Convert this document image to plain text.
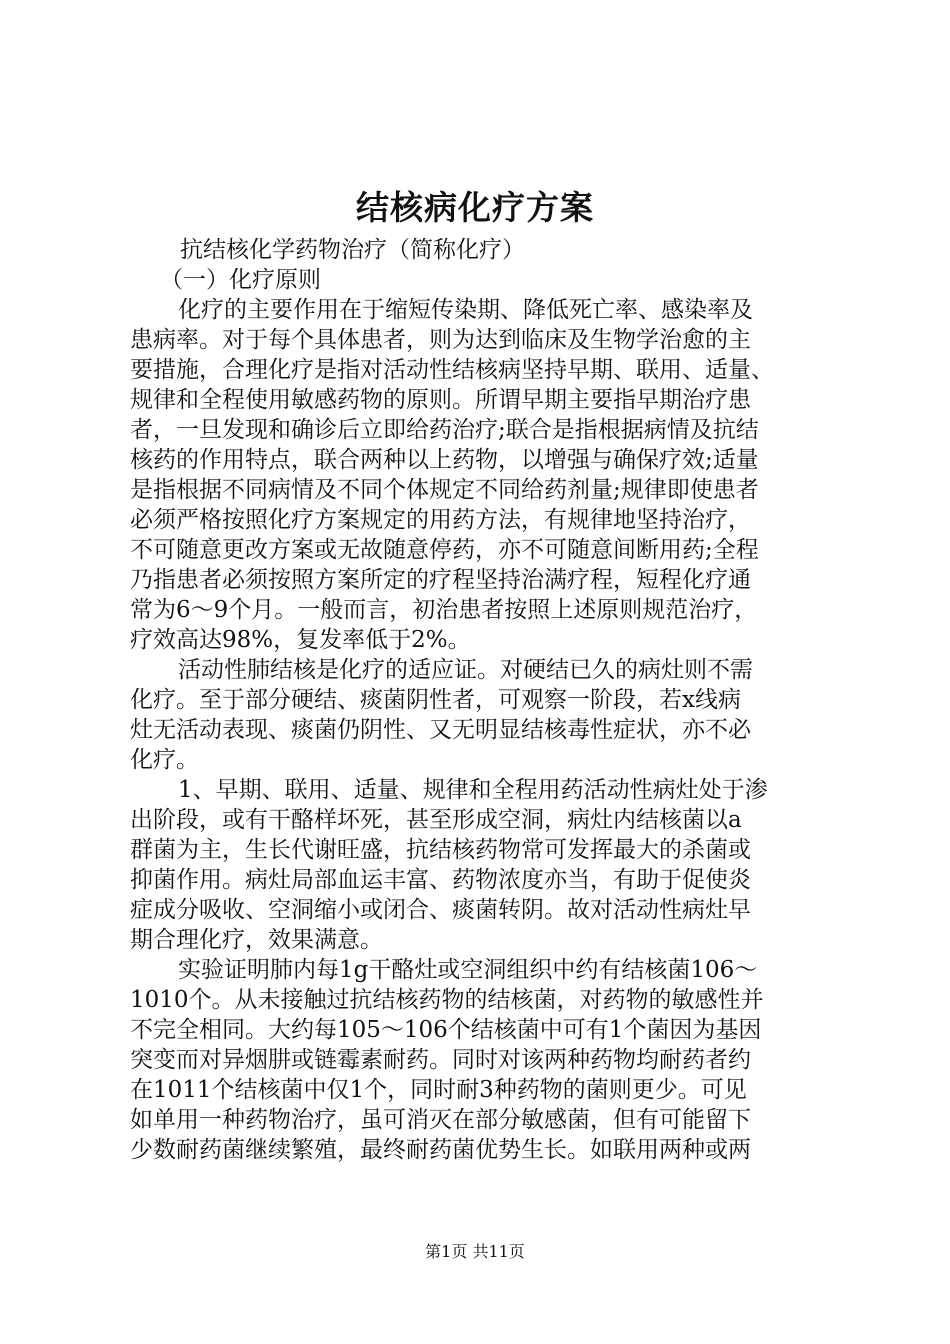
结核病化疗方案
抗结核化学药物治疗（简称化疗）
（一）化疗原则
化疗的主要作用在于缩短传染期、降低死亡率、感染率及
患病率。对于每个具体患者，则为达到临床及生物学治愈的主
要措施，合理化疗是指对活动性结核病坚持早期、联用、适量、
规律和全程使用敏感药物的原则。所谓早期主要指早期治疗患
者，一旦发现和确诊后立即给药治疗;联合是指根据病情及抗结
核药的作用特点，联合两种以上药物，以增强与确保疗效;适量
是指根据不同病情及不同个体规定不同给药剂量;规律即使患者
必须严格按照化疗方案规定的用药方法，有规律地坚持治疗，
不可随意更改方案或无故随意停药，亦不可随意间断用药;全程
乃指患者必须按照方案所定的疗程坚持治满疗程，短程化疗通
常为6～9个月。一般而言，初治患者按照上述原则规范治疗，
疗效高达98%，复发率低于2%。
活动性肺结核是化疗的适应证。对硬结已久的病灶则不需
化疗。至于部分硬结、痰菌阴性者，可观察一阶段，若x线病
灶无活动表现、痰菌仍阴性、又无明显结核毒性症状，亦不必
化疗。
1、早期、联用、适量、规律和全程用药活动性病灶处于渗
出阶段，或有干酪样坏死，甚至形成空洞，病灶内结核菌以a
群菌为主，生长代谢旺盛，抗结核药物常可发挥最大的杀菌或
抑菌作用。病灶局部血运丰富、药物浓度亦当，有助于促使炎
症成分吸收、空洞缩小或闭合、痰菌转阴。故对活动性病灶早
期合理化疗，效果满意。
实验证明肺内每1g干酪灶或空洞组织中约有结核菌106～
1010个。从未接触过抗结核药物的结核菌，对药物的敏感性并
不完全相同。大约每105～106个结核菌中可有1个菌因为基因
突变而对异烟肼或链霉素耐药。同时对该两种药物均耐药者约
在1011个结核菌中仅1个，同时耐3种药物的菌则更少。可见
如单用一种药物治疗，虽可消灭在部分敏感菌，但有可能留下
少数耐药菌继续繁殖，最终耐药菌优势生长。如联用两种或两
第1页 共11页
